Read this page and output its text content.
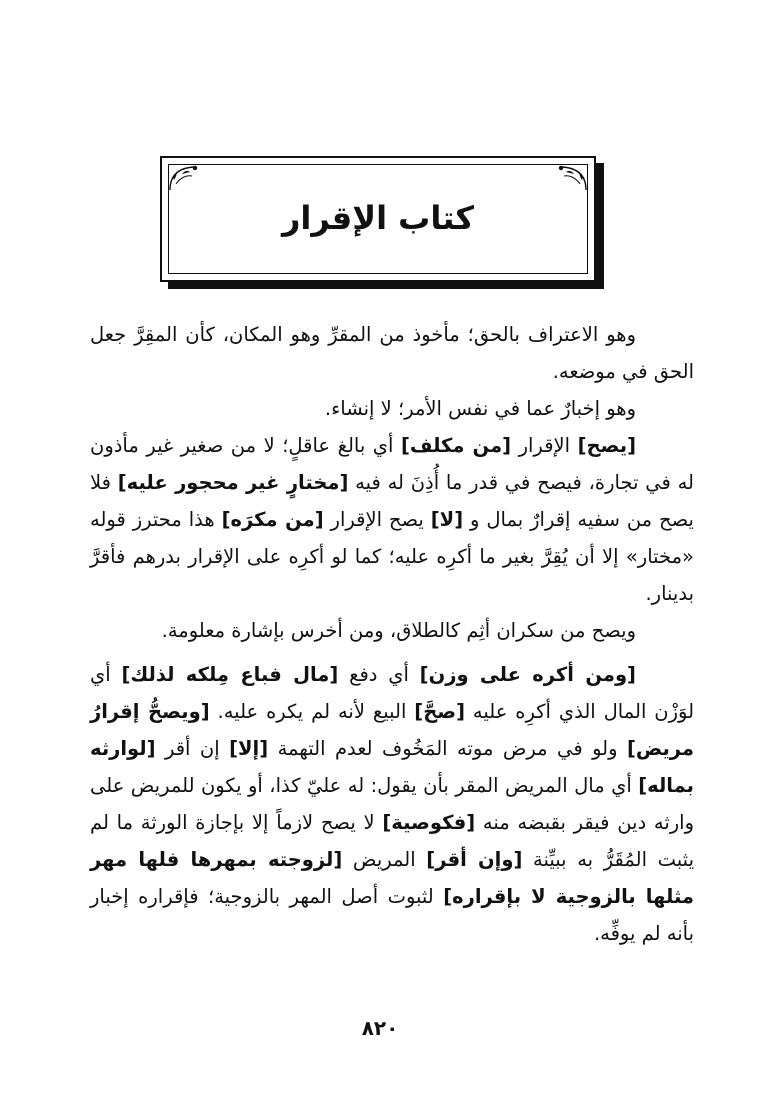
كتاب الإقرار

وهو الاعتراف بالحق؛ مأخوذ من المقرِّ وهو المكان، كأن المقِرَّ جعل الحق في موضعه.

وهو إخبارٌ عما في نفس الأمر؛ لا إنشاء.

[يصح] الإقرار [من مكلف] أي بالغ عاقلٍ؛ لا من صغير غير مأذون له في تجارة، فيصح في قدر ما أُذِنَ له فيه [مختارٍ غير محجور عليه] فلا يصح من سفيه إقرارٌ بمال و [لا] يصح الإقرار [من مكرَه] هذا محترز قوله «مختار» إلا أن يُقِرَّ بغير ما أكرِه عليه؛ كما لو أكرِه على الإقرار بدرهم فأقرَّ بدينار.

ويصح من سكران أثِم كالطلاق، ومن أخرس بإشارة معلومة.

[ومن أكره على وزن] أي دفع [مال فباع مِلكه لذلك] أي لوَزْن المال الذي أكرِه عليه [صحَّ] البيع لأنه لم يكره عليه. [ويصحُّ إقرارُ مريض] ولو في مرض موته المَخُوف لعدم التهمة [إلا] إن أقر [لوارثه بماله] أي مال المريض المقر بأن يقول: له عليّ كذا، أو يكون للمريض على وارثه دين فيقر بقبضه منه [فكوصية] لا يصح لازماً إلا بإجازة الورثة ما لم يثبت المُقَرُّ به ببيِّنة [وإن أقر] المريض [لزوجته بمهرها فلها مهر مثلها بالزوجية لا بإقراره] لثبوت أصل المهر بالزوجية؛ فإقراره إخبار بأنه لم يوفِّه.

٨٢٠
